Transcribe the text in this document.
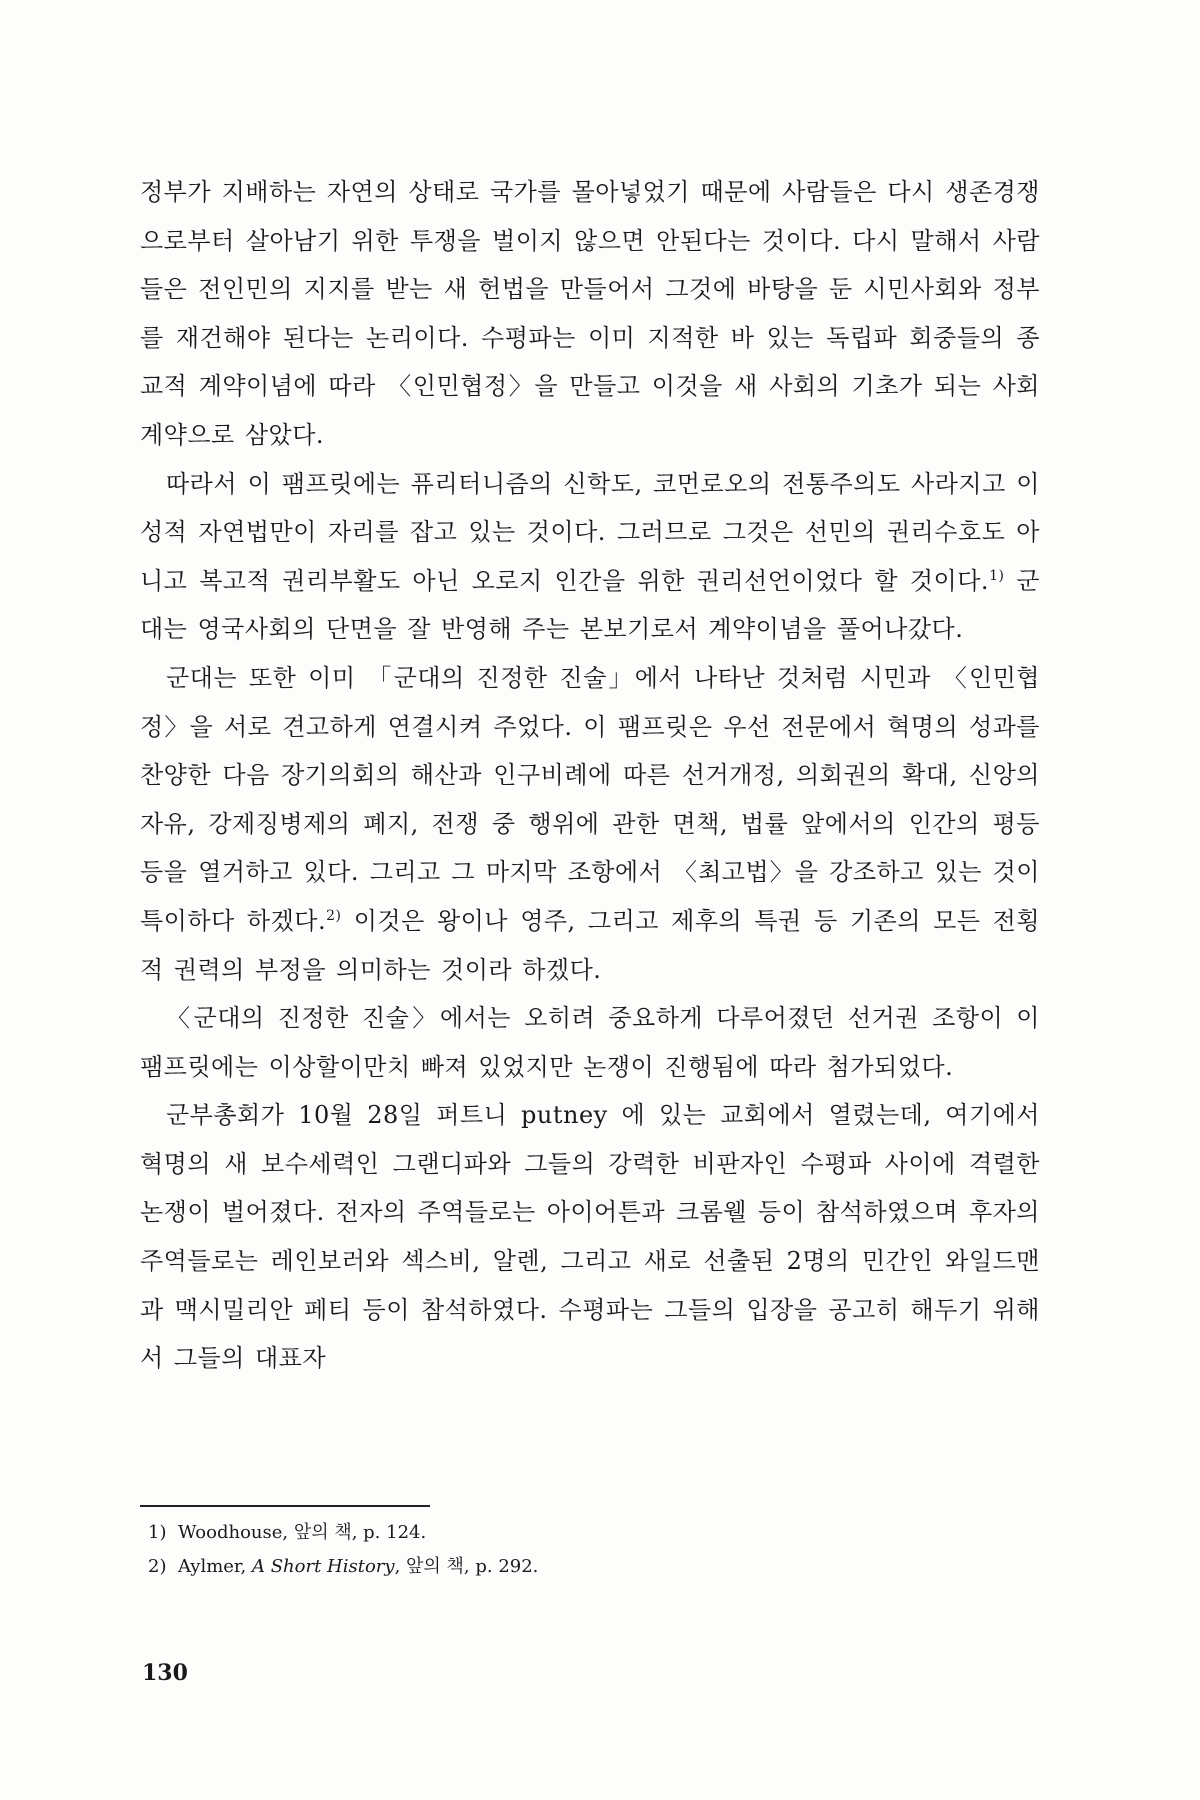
정부가 지배하는 자연의 상태로 국가를 몰아넣었기 때문에 사람들은 다시 생존경쟁으로부터 살아남기 위한 투쟁을 벌이지 않으면 안된다는 것이다. 다시 말해서 사람들은 전인민의 지지를 받는 새 헌법을 만들어서 그것에 바탕을 둔 시민사회와 정부를 재건해야 된다는 논리이다. 수평파는 이미 지적한 바 있는 독립파 회중들의 종교적 계약이념에 따라 〈인민협정〉을 만들고 이것을 새 사회의 기초가 되는 사회계약으로 삼았다.

따라서 이 팸프릿에는 퓨리터니즘의 신학도, 코먼로오의 전통주의도 사라지고 이성적 자연법만이 자리를 잡고 있는 것이다. 그러므로 그것은 선민의 권리수호도 아니고 복고적 권리부활도 아닌 오로지 인간을 위한 권리선언이었다 할 것이다.$^{1)}$ 군대는 영국사회의 단면을 잘 반영해 주는 본보기로서 계약이념을 풀어나갔다.

군대는 또한 이미 「군대의 진정한 진술」에서 나타난 것처럼 시민과 〈인민협정〉을 서로 견고하게 연결시켜 주었다. 이 팸프릿은 우선 전문에서 혁명의 성과를 찬양한 다음 장기의회의 해산과 인구비례에 따른 선거개정, 의회권의 확대, 신앙의 자유, 강제징병제의 폐지, 전쟁 중 행위에 관한 면책, 법률 앞에서의 인간의 평등 등을 열거하고 있다. 그리고 그 마지막 조항에서 〈최고법〉을 강조하고 있는 것이 특이하다 하겠다.$^{2)}$ 이것은 왕이나 영주, 그리고 제후의 특권 등 기존의 모든 전횡적 권력의 부정을 의미하는 것이라 하겠다.

〈군대의 진정한 진술〉에서는 오히려 중요하게 다루어졌던 선거권 조항이 이 팸프릿에는 이상할이만치 빠져 있었지만 논쟁이 진행됨에 따라 첨가되었다.

군부총회가 10월 28일 퍼트니 putney 에 있는 교회에서 열렸는데, 여기에서 혁명의 새 보수세력인 그랜디파와 그들의 강력한 비판자인 수평파 사이에 격렬한 논쟁이 벌어졌다. 전자의 주역들로는 아이어튼과 크롬웰 등이 참석하였으며 후자의 주역들로는 레인보러와 섹스비, 알렌, 그리고 새로 선출된 2명의 민간인 와일드맨과 맥시밀리안 페티 등이 참석하였다. 수평파는 그들의 입장을 공고히 해두기 위해서 그들의 대표자

1) Woodhouse, 앞의 책, p. 124.
2) Aylmer, A Short History, 앞의 책, p. 292.
130
